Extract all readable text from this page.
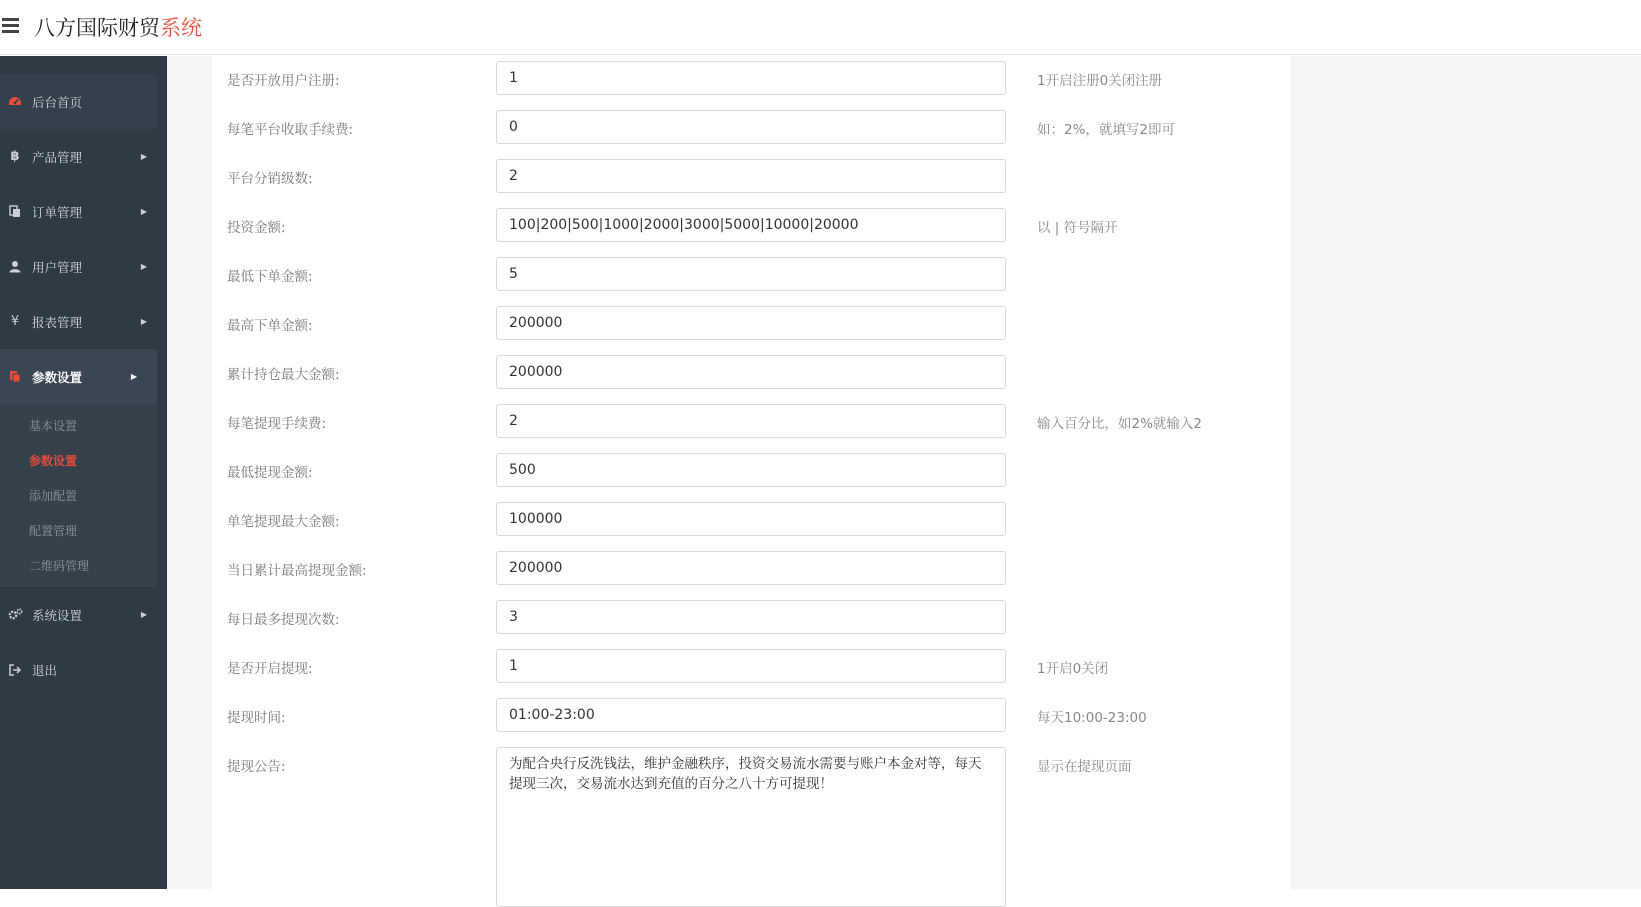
八方国际财贸系统
后台首页
฿ 产品管理	▶
订单管理	▶
用户管理	▶
¥	报表管理	▶
参数设置	▶
基本设置
参数设置
添加配置
配置管理
二维码管理
系统设置	▶
退出
是否开放用户注册:
1	1开启注册0关闭注册
每笔平台收取手续费:
0	如：2%，就填写2即可
平台分销级数:
2
投资金额:
100|200|500|1000|2000|3000|5000|10000|20000	以 | 符号隔开
最低下单金额:
5
最高下单金额:
200000
累计持仓最大金额:
200000
每笔提现手续费:
2	输入百分比，如2%就输入2
最低提现金额:
500
单笔提现最大金额:
100000
当日累计最高提现金额:
200000
每日最多提现次数:
3
是否开启提现:
1	1开启0关闭
提现时间:
01:00-23:00	每天10:00-23:00
提现公告:
为配合央行反洗钱法，维护金融秩序，投资交易流水需要与账户本金对等，每天提现三次，交易流水达到充值的百分之八十方可提现！	显示在提现页面
